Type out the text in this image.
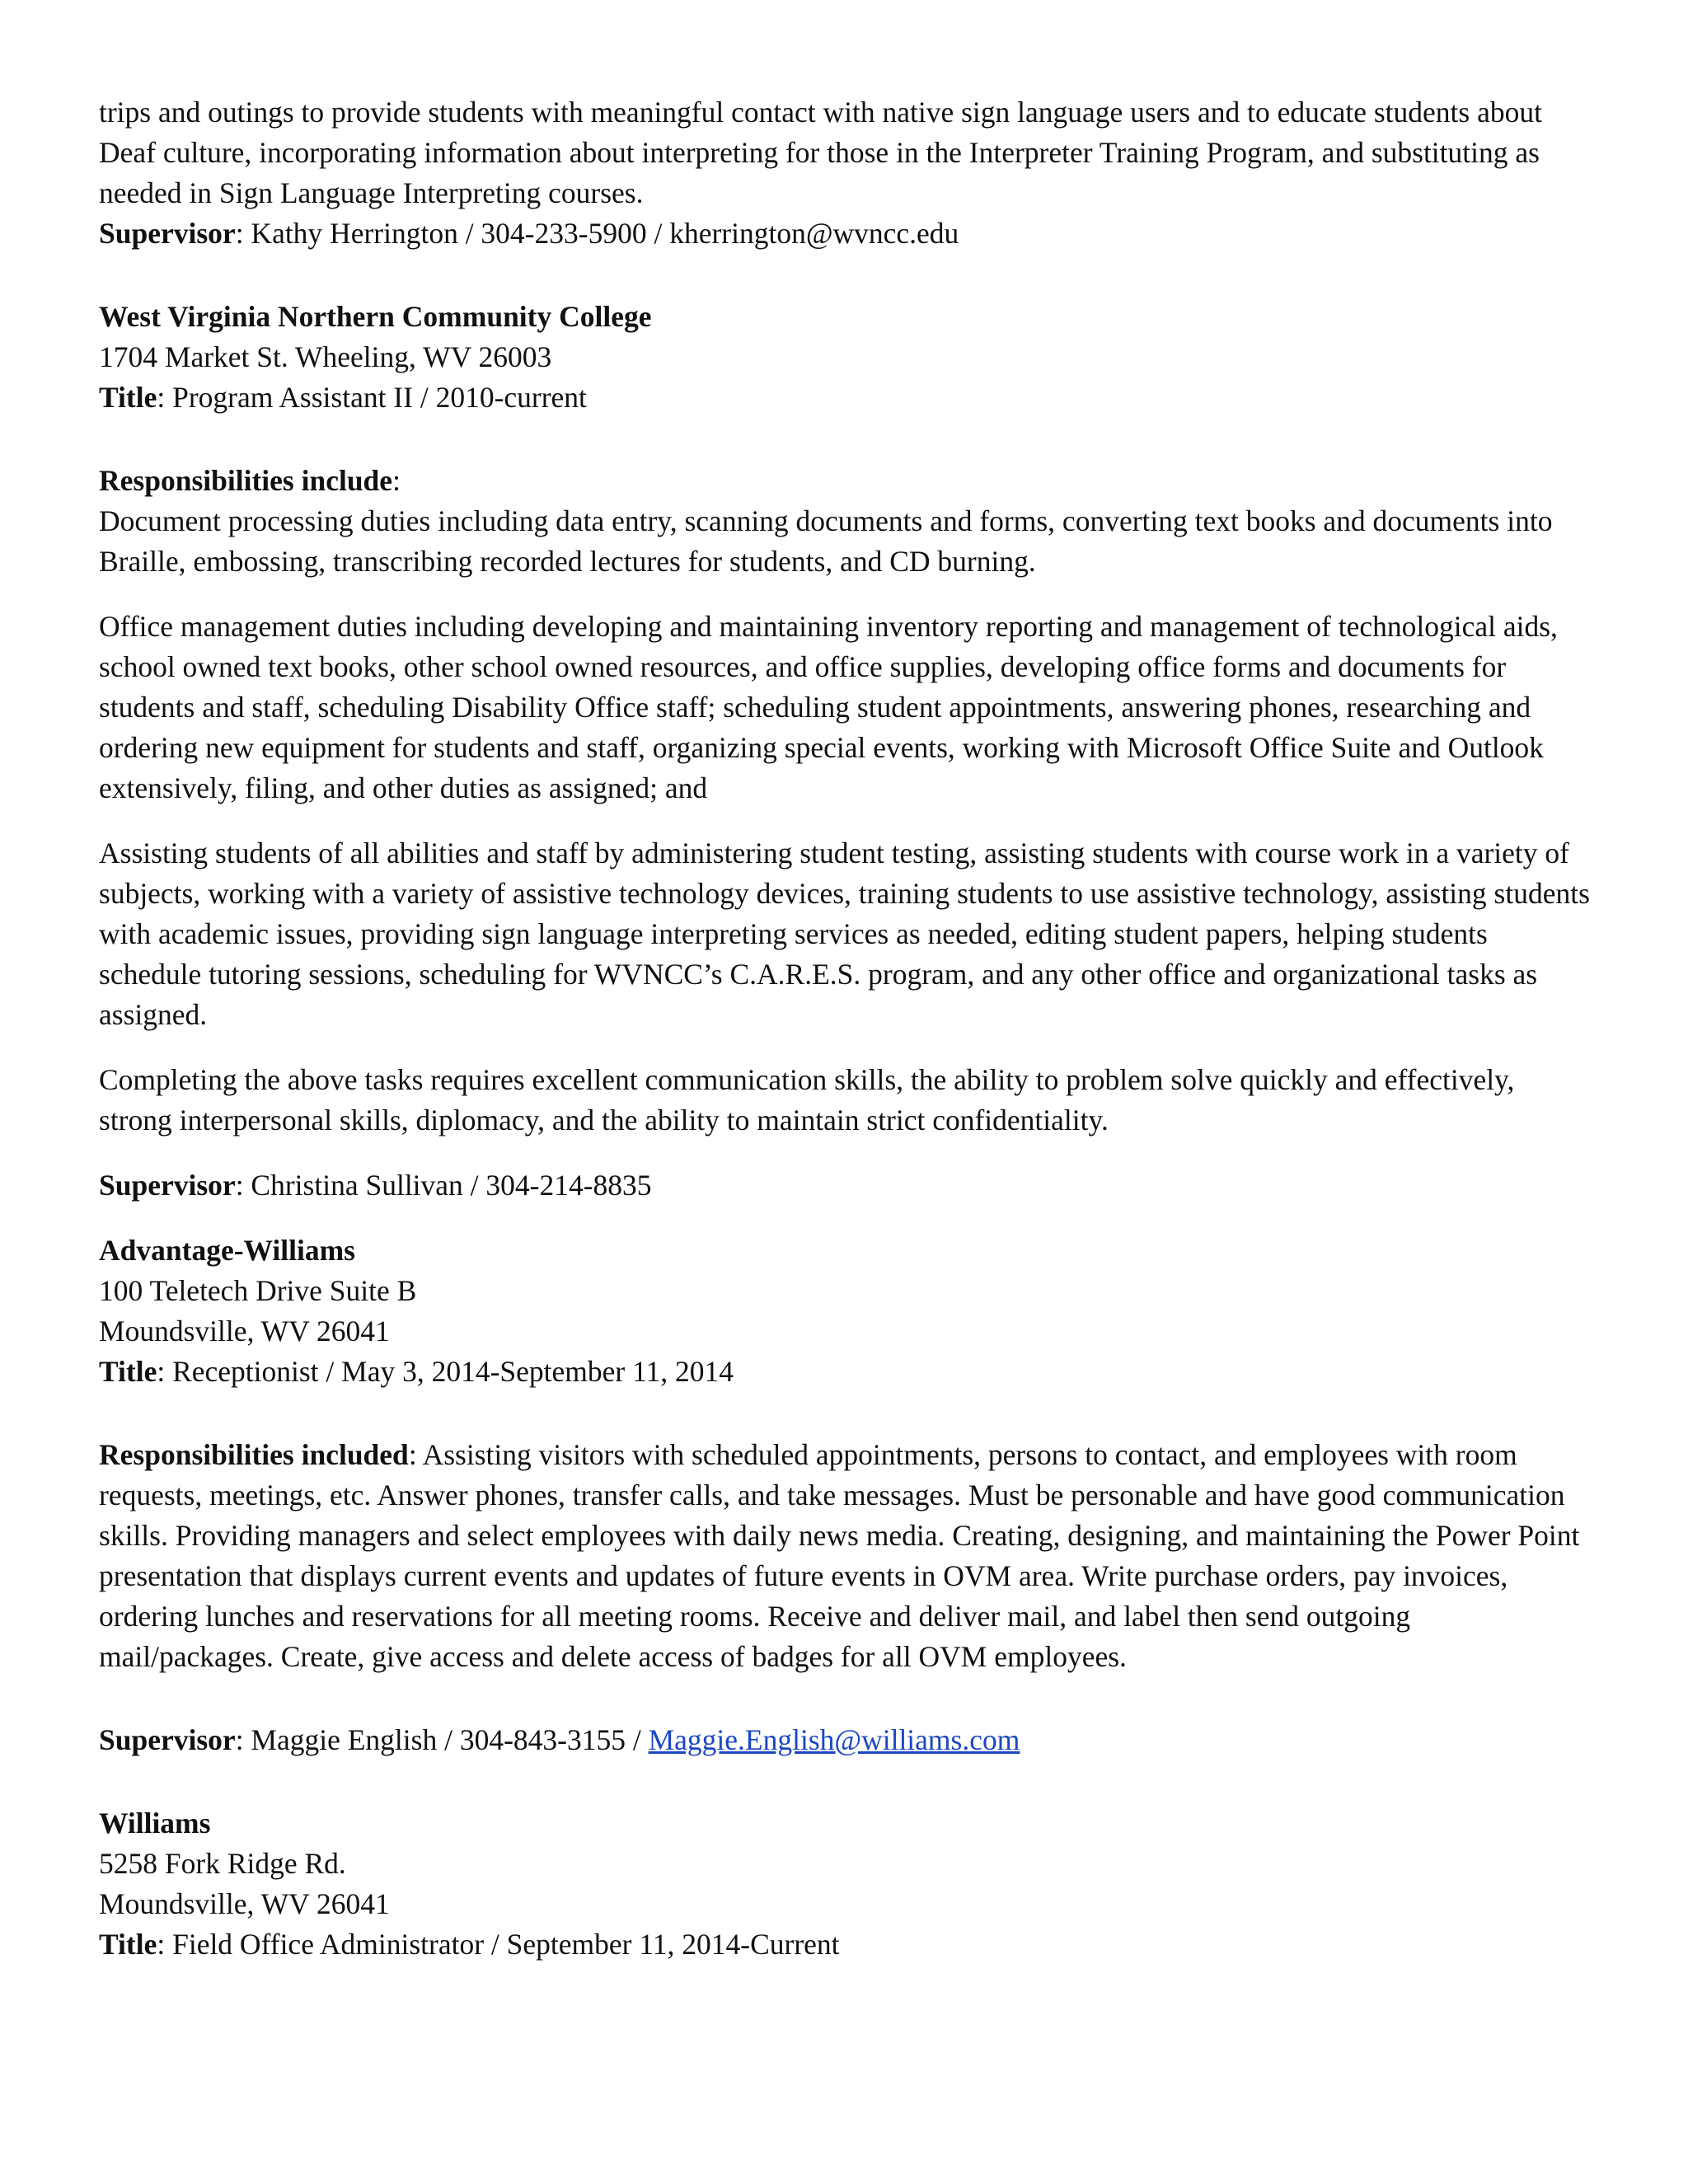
trips and outings to provide students with meaningful contact with native sign language users and to educate students about Deaf culture, incorporating information about interpreting for those in the Interpreter Training Program, and substituting as needed in Sign Language Interpreting courses.

Supervisor: Kathy Herrington / 304-233-5900 / kherrington@wvncc.edu
West Virginia Northern Community College
1704 Market St. Wheeling, WV 26003
Title: Program Assistant II / 2010-current
Responsibilities include:

Document processing duties including data entry, scanning documents and forms, converting text books and documents into Braille, embossing, transcribing recorded lectures for students, and CD burning.

Office management duties including developing and maintaining inventory reporting and management of technological aids, school owned text books, other school owned resources, and office supplies, developing office forms and documents for students and staff, scheduling Disability Office staff; scheduling student appointments, answering phones, researching and ordering new equipment for students and staff, organizing special events, working with Microsoft Office Suite and Outlook extensively, filing, and other duties as assigned; and

Assisting students of all abilities and staff by administering student testing, assisting students with course work in a variety of subjects, working with a variety of assistive technology devices, training students to use assistive technology, assisting students with academic issues, providing sign language interpreting services as needed, editing student papers, helping students schedule tutoring sessions, scheduling for WVNCC’s C.A.R.E.S. program, and any other office and organizational tasks as assigned.

Completing the above tasks requires excellent communication skills, the ability to problem solve quickly and effectively, strong interpersonal skills, diplomacy, and the ability to maintain strict confidentiality.

Supervisor: Christina Sullivan / 304-214-8835
Advantage-Williams
100 Teletech Drive Suite B
Moundsville, WV 26041
Title: Receptionist / May 3, 2014-September 11, 2014

Responsibilities included: Assisting visitors with scheduled appointments, persons to contact, and employees with room requests, meetings, etc. Answer phones, transfer calls, and take messages. Must be personable and have good communication skills. Providing managers and select employees with daily news media. Creating, designing, and maintaining the Power Point presentation that displays current events and updates of future events in OVM area. Write purchase orders, pay invoices, ordering lunches and reservations for all meeting rooms. Receive and deliver mail, and label then send outgoing mail/packages. Create, give access and delete access of badges for all OVM employees.

Supervisor: Maggie English / 304-843-3155 / Maggie.English@williams.com
Williams
5258 Fork Ridge Rd.
Moundsville, WV 26041
Title: Field Office Administrator / September 11, 2014-Current
